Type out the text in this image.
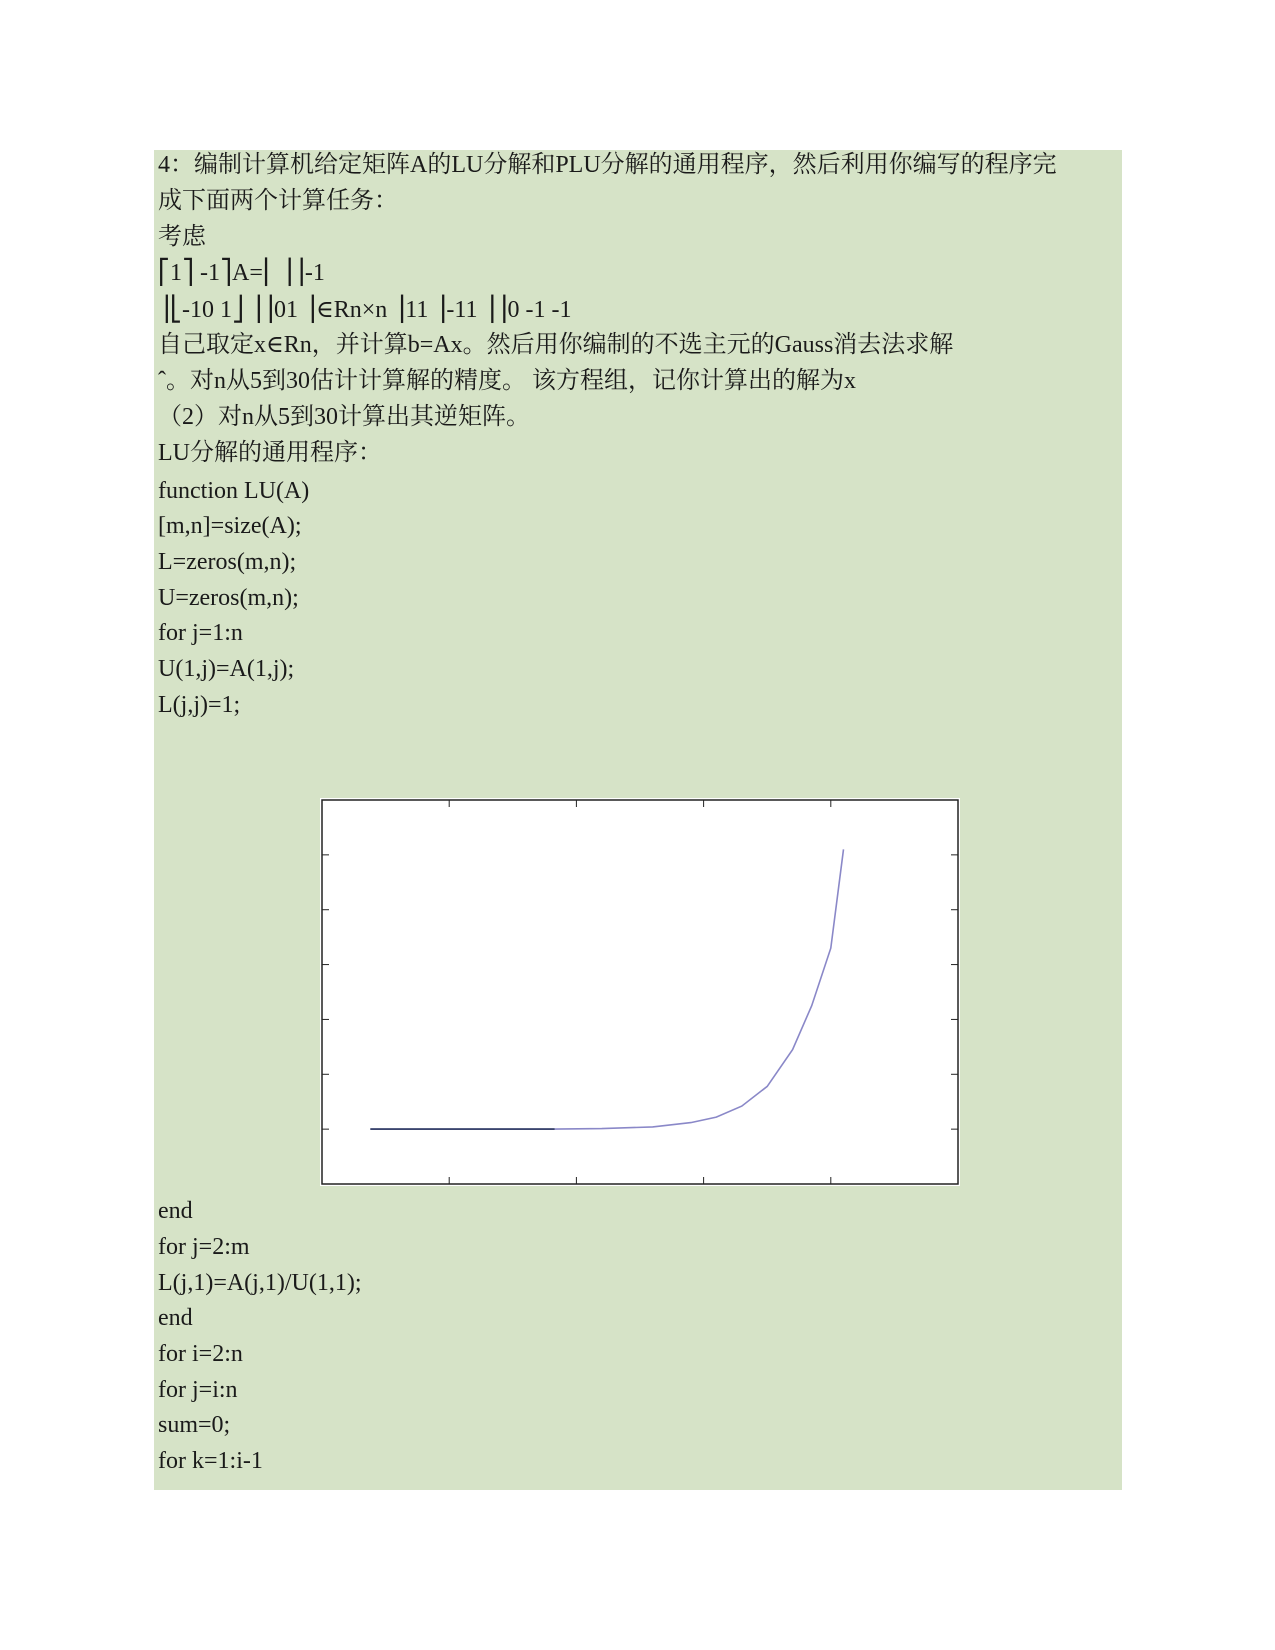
4：编制计算机给定矩阵A的LU分解和PLU分解的通用程序，然后利用你编写的程序完
成下面两个计算任务：
考虑
⎡1⎤ -1⎤A=⎢ ⎥⎥-1
⎥⎣-10 1⎦ ⎥⎥01 ⎥∈Rn×n ⎥11 ⎥-11 ⎥⎥0 -1 -1
自己取定x∈Rn，并计算b=Ax。然后用你编制的不选主元的Gauss消去法求解
ˆ。对n从5到30估计计算解的精度。 该方程组，记你计算出的解为x
（2）对n从5到30计算出其逆矩阵。
LU分解的通用程序：
function LU(A)
[m,n]=size(A);
L=zeros(m,n);
U=zeros(m,n);
for j=1:n
U(1,j)=A(1,j);
L(j,j)=1;
end
for j=2:m
L(j,1)=A(j,1)/U(1,1);
end
for i=2:n
for j=i:n
sum=0;
for k=1:i-1
